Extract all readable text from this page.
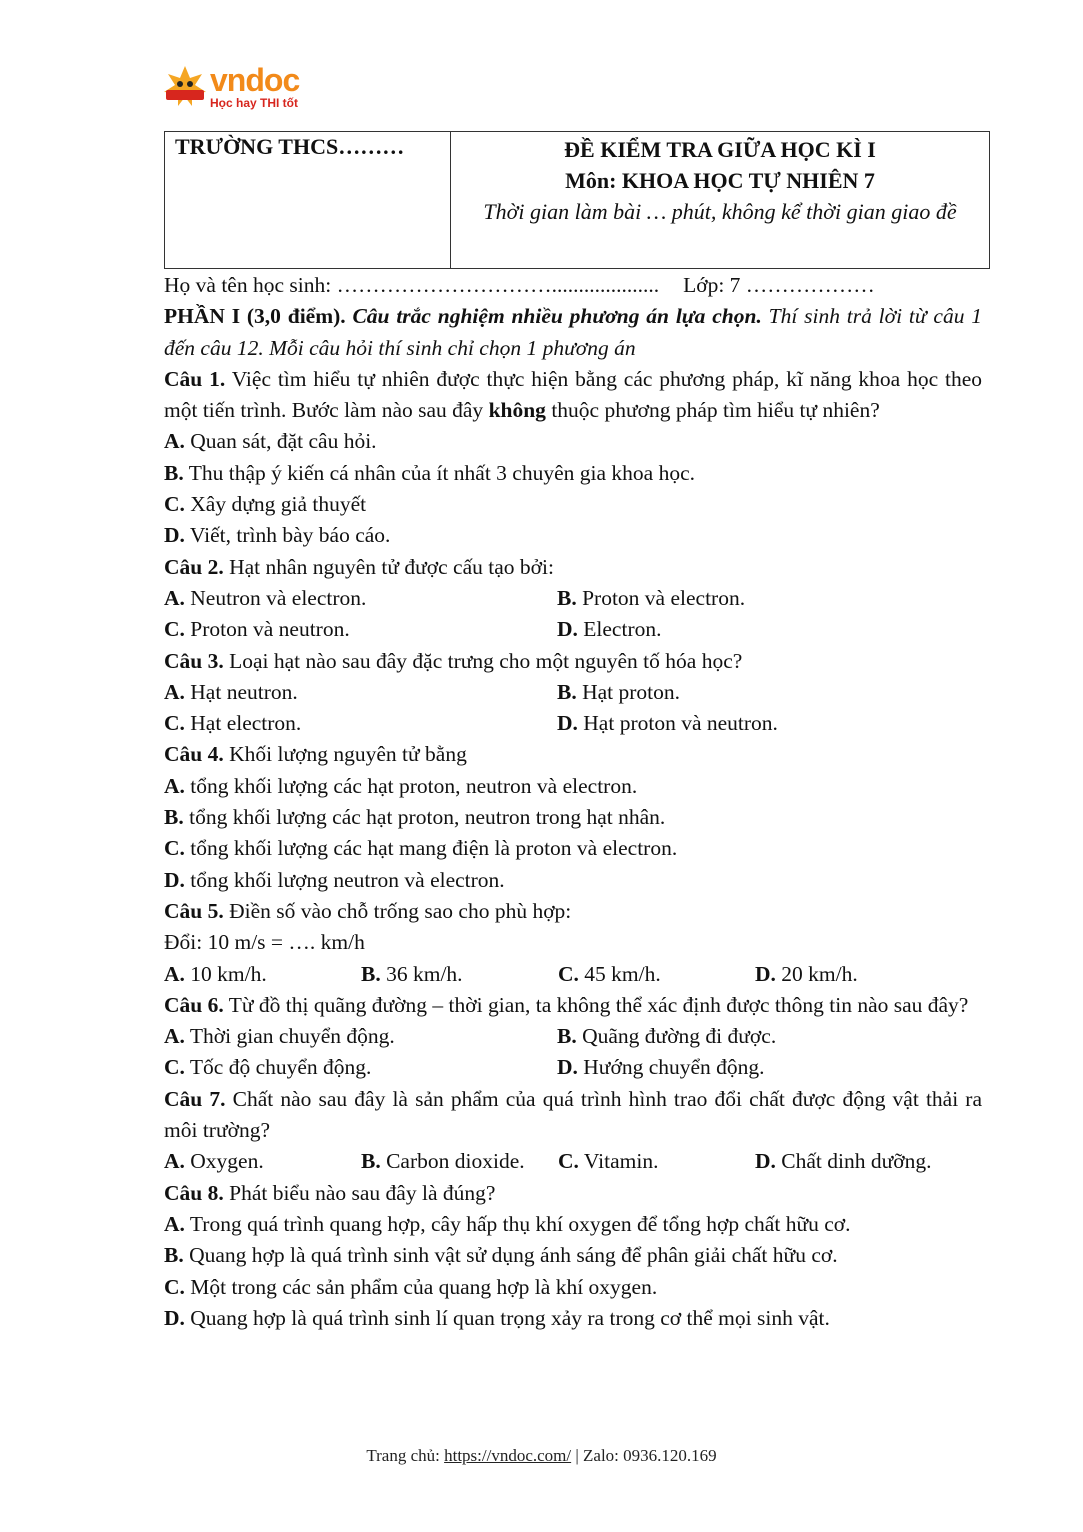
vndoc
Học hay THI tốt
TRƯỜNG THCS………	ĐỀ KIỂM TRA GIỮA HỌC KÌ I
Môn: KHOA HỌC TỰ NHIÊN 7
Thời gian làm bài … phút, không kể thời gian giao đề
Họ và tên học sinh: ………………………….................... Lớp: 7 ………………
PHẦN I (3,0 điểm). Câu trắc nghiệm nhiều phương án lựa chọn. Thí sinh trả lời từ câu 1 đến câu 12. Mỗi câu hỏi thí sinh chỉ chọn 1 phương án
Câu 1. Việc tìm hiểu tự nhiên được thực hiện bằng các phương pháp, kĩ năng khoa học theo một tiến trình. Bước làm nào sau đây không thuộc phương pháp tìm hiểu tự nhiên?
A. Quan sát, đặt câu hỏi.
B. Thu thập ý kiến cá nhân của ít nhất 3 chuyên gia khoa học.
C. Xây dựng giả thuyết
D. Viết, trình bày báo cáo.
Câu 2. Hạt nhân nguyên tử được cấu tạo bởi:
A. Neutron và electron.	B. Proton và electron.
C. Proton và neutron.	D. Electron.
Câu 3. Loại hạt nào sau đây đặc trưng cho một nguyên tố hóa học?
A. Hạt neutron.	B. Hạt proton.
C. Hạt electron.	D. Hạt proton và neutron.
Câu 4. Khối lượng nguyên tử bằng
A. tổng khối lượng các hạt proton, neutron và electron.
B. tổng khối lượng các hạt proton, neutron trong hạt nhân.
C. tổng khối lượng các hạt mang điện là proton và electron.
D. tổng khối lượng neutron và electron.
Câu 5. Điền số vào chỗ trống sao cho phù hợp:
Đổi: 10 m/s = …. km/h
A. 10 km/h.	B. 36 km/h.	C. 45 km/h.	D. 20 km/h.
Câu 6. Từ đồ thị quãng đường – thời gian, ta không thể xác định được thông tin nào sau đây?
A. Thời gian chuyển động.	B. Quãng đường đi được.
C. Tốc độ chuyển động.	D. Hướng chuyển động.
Câu 7. Chất nào sau đây là sản phẩm của quá trình hình trao đổi chất được động vật thải ra môi trường?
A. Oxygen.	B. Carbon dioxide.	C. Vitamin.	D. Chất dinh dưỡng.
Câu 8. Phát biểu nào sau đây là đúng?
A. Trong quá trình quang hợp, cây hấp thụ khí oxygen để tổng hợp chất hữu cơ.
B. Quang hợp là quá trình sinh vật sử dụng ánh sáng để phân giải chất hữu cơ.
C. Một trong các sản phẩm của quang hợp là khí oxygen.
D. Quang hợp là quá trình sinh lí quan trọng xảy ra trong cơ thể mọi sinh vật.
Trang chủ: https://vndoc.com/ | Zalo: 0936.120.169
